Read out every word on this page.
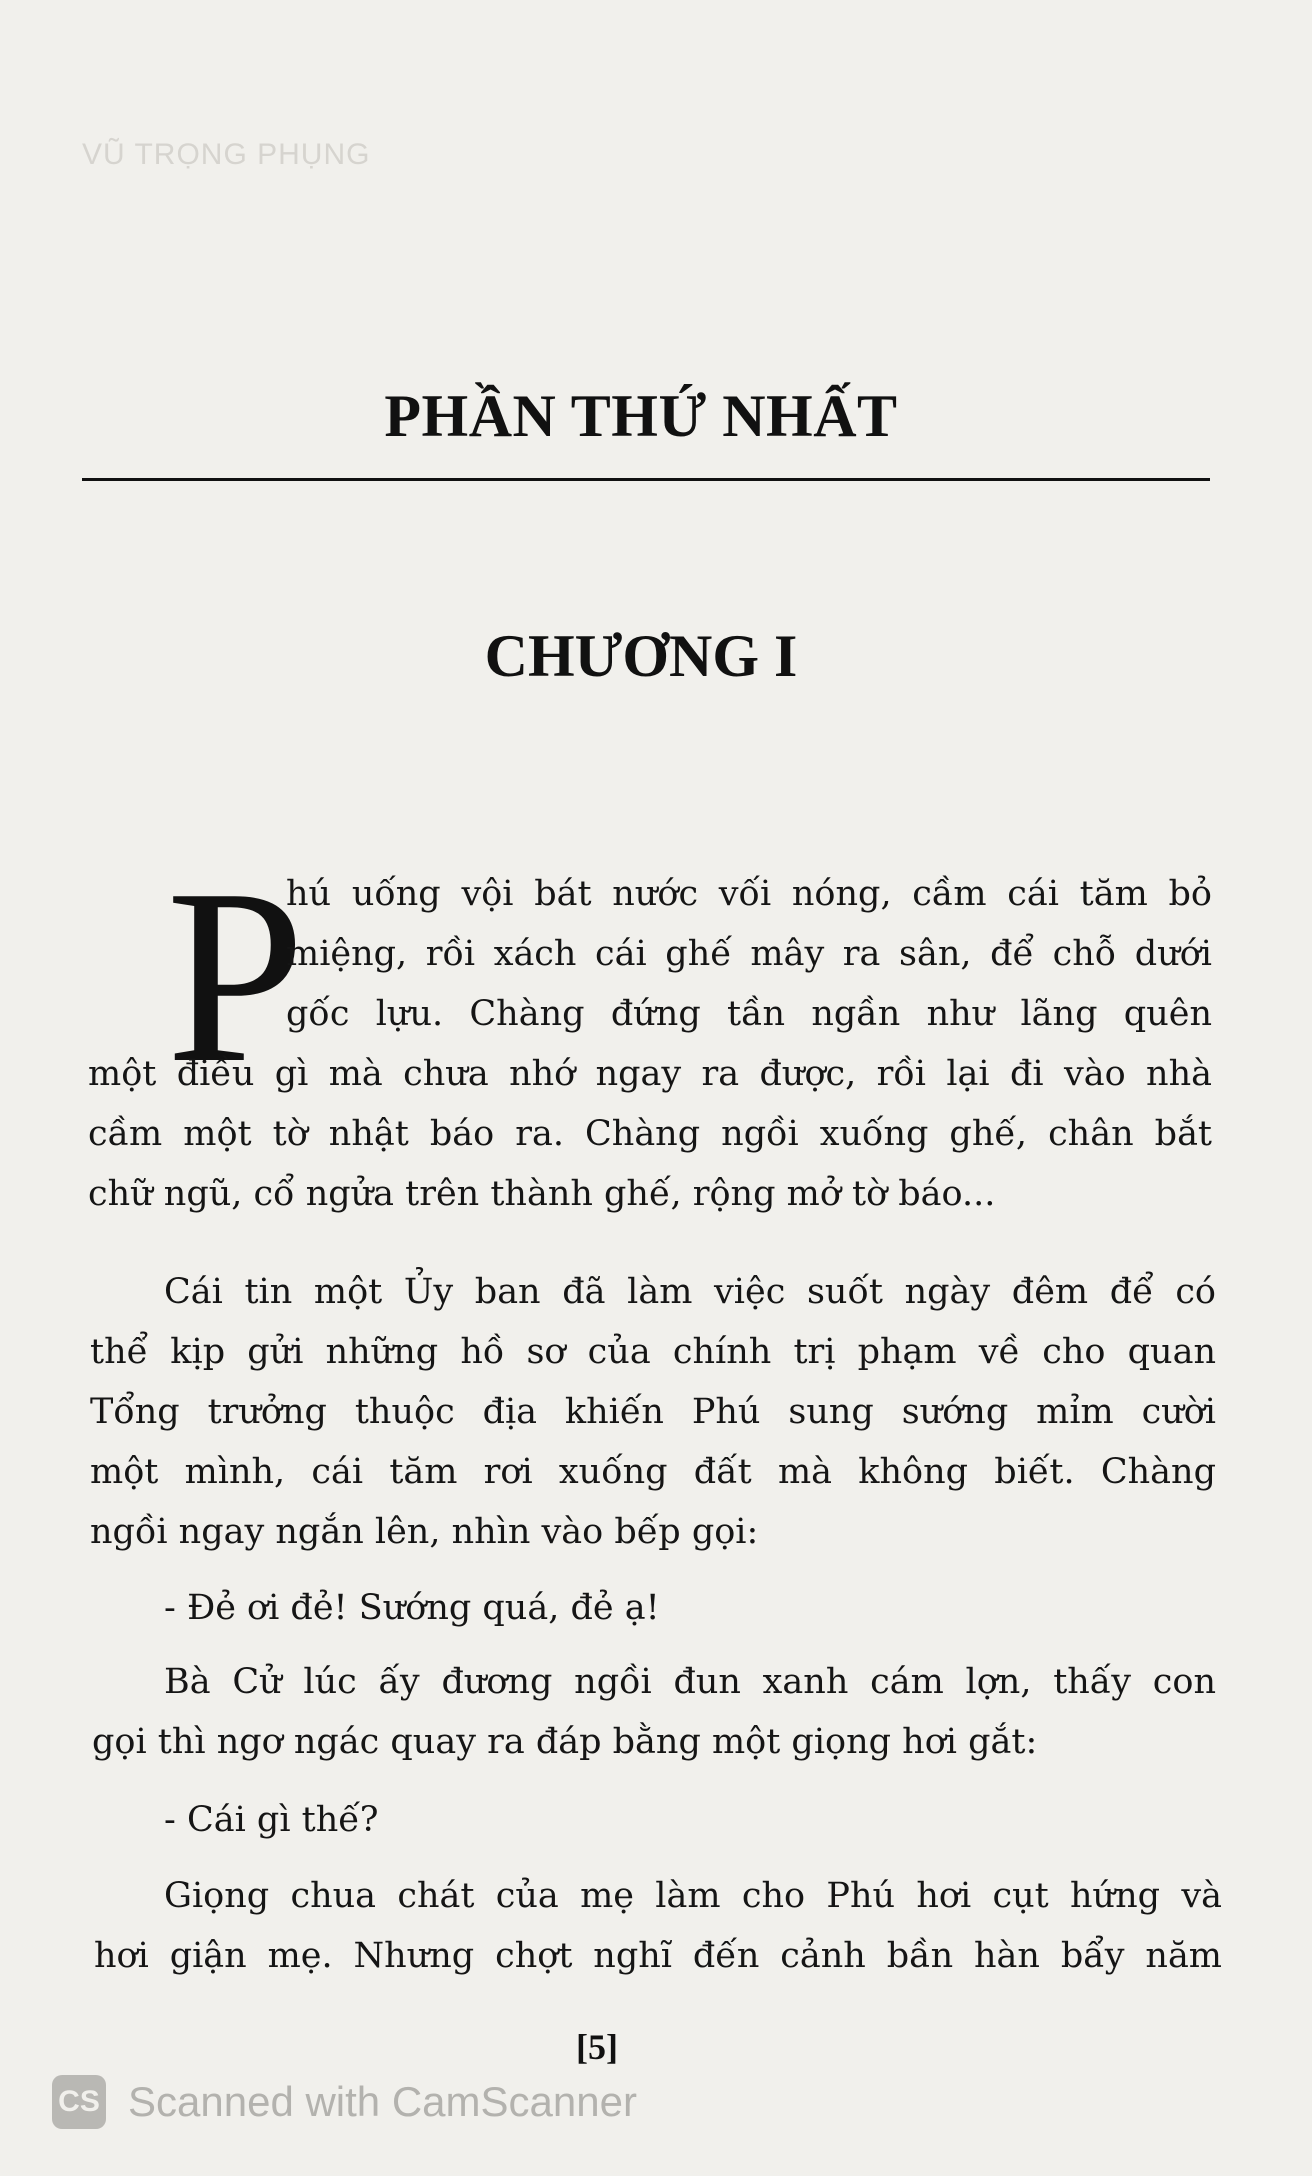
VŨ TRỌNG PHỤNG
PHẦN THỨ NHẤT
CHƯƠNG I
P
hú uống vội bát nước vối nóng, cầm cái tăm bỏ
miệng, rồi xách cái ghế mây ra sân, để chỗ dưới
gốc lựu. Chàng đứng tần ngần như lãng quên
một điều gì mà chưa nhớ ngay ra được, rồi lại đi vào nhà
cầm một tờ nhật báo ra. Chàng ngồi xuống ghế, chân bắt
chữ ngũ, cổ ngửa trên thành ghế, rộng mở tờ báo...
Cái tin một Ủy ban đã làm việc suốt ngày đêm để có
thể kịp gửi những hồ sơ của chính trị phạm về cho quan
Tổng trưởng thuộc địa khiến Phú sung sướng mỉm cười
một mình, cái tăm rơi xuống đất mà không biết. Chàng
ngồi ngay ngắn lên, nhìn vào bếp gọi:
- Đẻ ơi đẻ! Sướng quá, đẻ ạ!
Bà Cử lúc ấy đương ngồi đun xanh cám lợn, thấy con
gọi thì ngơ ngác quay ra đáp bằng một giọng hơi gắt:
- Cái gì thế?
Giọng chua chát của mẹ làm cho Phú hơi cụt hứng và
hơi giận mẹ. Nhưng chợt nghĩ đến cảnh bần hàn bẩy năm
[5]
CS Scanned with CamScanner
